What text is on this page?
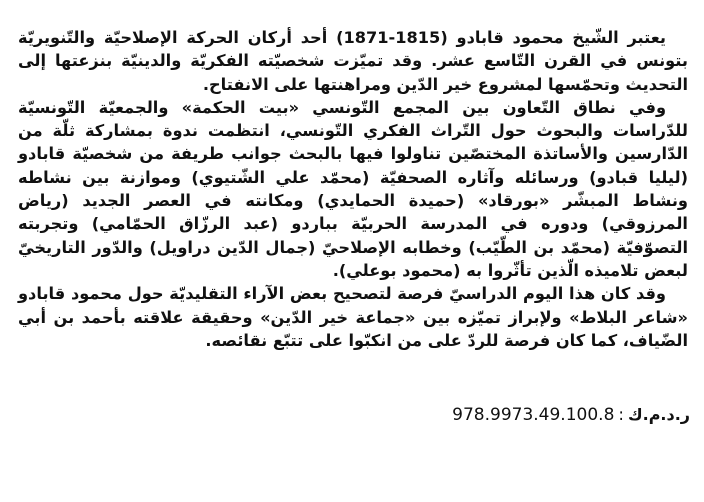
يعتبر الشّيخ محمود قابادو (1815-1871) أحد أركان الحركة الإصلاحيّة والتّنويريّة بتونس في القرن التّاسع عشر. وقد تميّزت شخصيّته الفكريّة والدينيّة بنزعتها إلى التحديث وتحمّسها لمشروع خير الدّين ومراهنتها على الانفتاح.

وفي نطاق التّعاون بين المجمع التّونسي «بيت الحكمة» والجمعيّة التّونسيّة للدّراسات والبحوث حول التّراث الفكري التّونسي، انتظمت ندوة بمشاركة ثلّة من الدّارسين والأساتذة المختصّين تناولوا فيها بالبحث جوانب طريفة من شخصيّة قابادو (ليليا قبادو) ورسائله وآثاره الصحفيّة (محمّد علي الشّتيوي) وموازنة بين نشاطه ونشاط المبشّر «بورقاد» (حميدة الحمايدي) ومكانته في العصر الجديد (رياض المرزوقي) ودوره في المدرسة الحربيّة بباردو (عبد الرزّاق الحمّامي) وتجربته التصوّفيّة (محمّد بن الطّيّب) وخطابه الإصلاحيّ (جمال الدّين دراويل) والدّور التاريخيّ لبعض تلاميذه الّذين تأثّروا به (محمود بوعلي).

وقد كان هذا اليوم الدراسيّ فرصة لتصحيح بعض الآراء التقليديّة حول محمود قابادو «شاعر البلاط» ولإبراز تميّزه بين «جماعة خير الدّين» وحقيقة علاقته بأحمد بن أبي الضّياف، كما كان فرصة للردّ على من انكبّوا على تتبّع نقائصه.

ر.د.م.ك:978.9973.49.100.8
